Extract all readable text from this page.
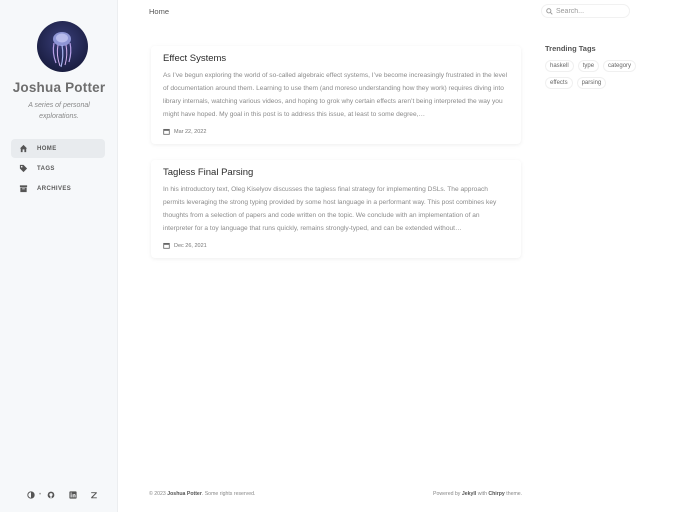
Joshua Potter
A series of personal explorations.
HOME
TAGS
ARCHIVES
•
Home
Search...
Effect Systems
As I’ve begun exploring the world of so-called algebraic effect systems, I’ve become increasingly frustrated in the level of documentation around them. Learning to use them (and moreso understanding how they work) requires diving into library internals, watching various videos, and hoping to grok why certain effects aren’t being interpreted the way you might have hoped. My goal in this post is to address this issue, at least to some degree,…
Mar 22, 2022
Tagless Final Parsing
In his introductory text, Oleg Kiselyov discusses the tagless final strategy for implementing DSLs. The approach permits leveraging the strong typing provided by some host language in a performant way. This post combines key thoughts from a selection of papers and code written on the topic. We conclude with an implementation of an interpreter for a toy language that runs quickly, remains strongly-typed, and can be extended without…
Dec 26, 2021
Trending Tags
haskell	type	category
effects	parsing
© 2023 Joshua Potter. Some rights reserved.	Powered by Jekyll with Chirpy theme.
